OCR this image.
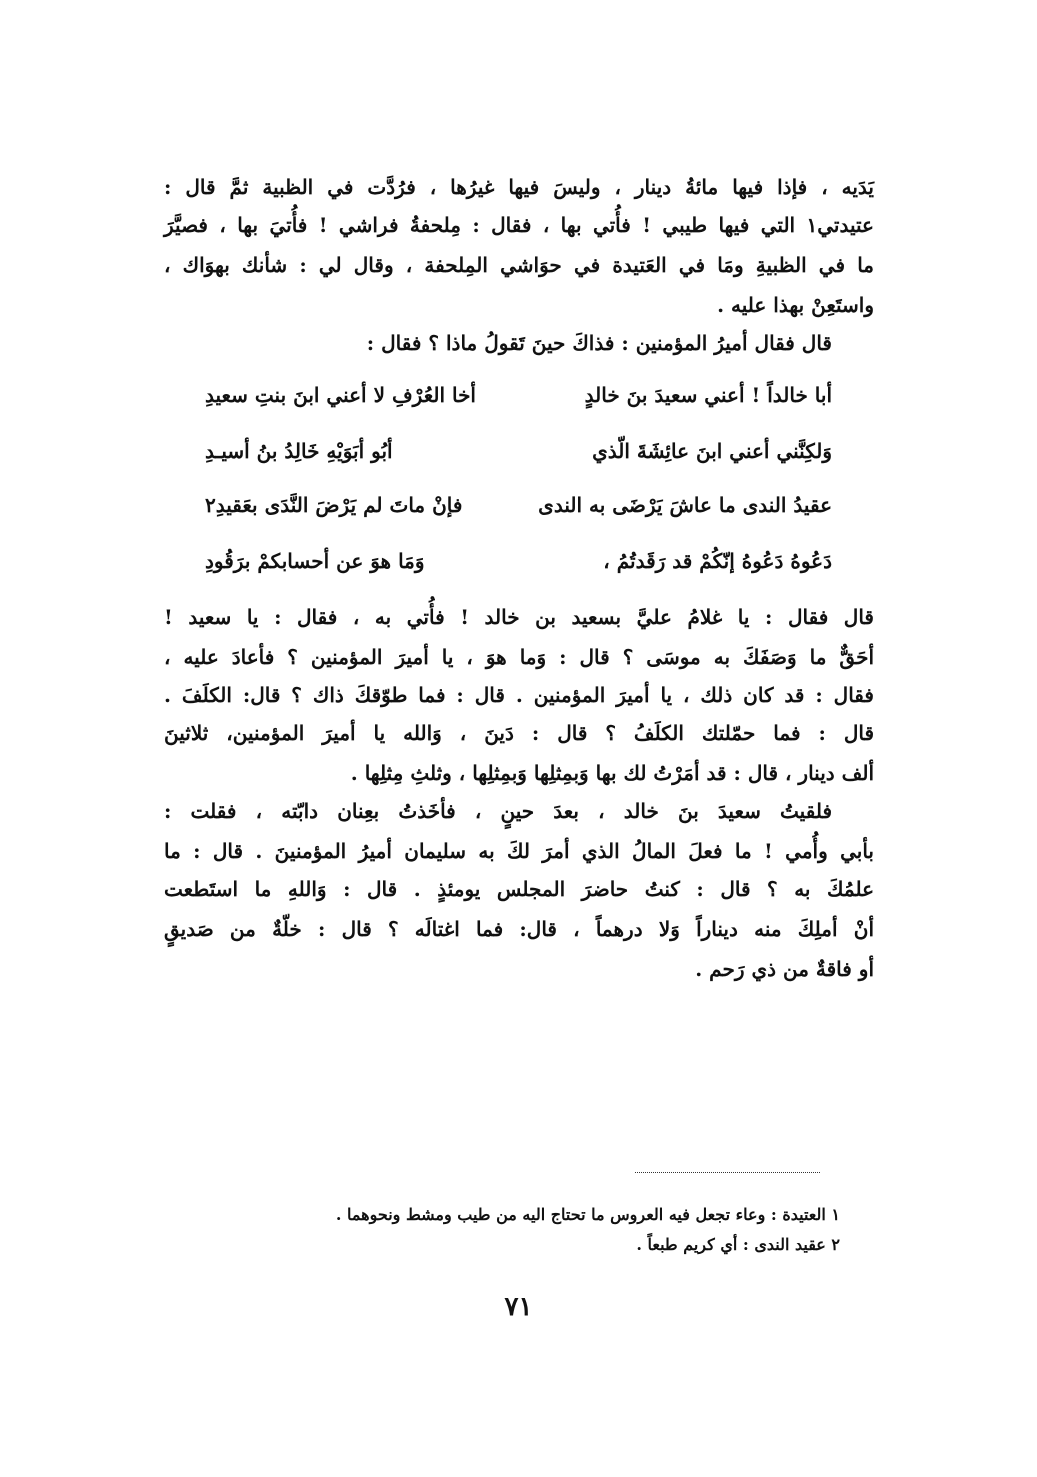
يَدَيه ، فإذا فيها مائةُ دينار ، وليسَ فيها غيرُها ، فرُدَّت في الظبية ثمَّ قال :
عتيدتي١ التي فيها طيبي ! فأُتي بها ، فقال : مِلحفةُ فراشي ! فأُتيَ بها ، فصيَّرَ
ما في الظبيةِ ومَا في العَتيدة في حوَاشي المِلحفة ، وقال لي : شأنك بهوَاك ،
واستَعِنْ بهذا عليه .
قال فقال أميرُ المؤمنين : فذاكَ حينَ تَقولُ ماذا ؟ فقال :
أبا خالداً ! أعني سعيدَ بنَ خالدٍ
أخا العُرْفِ لا أعني ابنَ بنتِ سعيدِ
وَلكِنَّني أعني ابنَ عائِشَةَ الّذي
أبُو أبَوَيْهِ خَالِدُ بنُ أسيـدِ
عقيدُ الندى ما عاشَ يَرْضَى به الندى
فإنْ ماتَ لم يَرْضَ النَّدَى بعَقيدِ٢
دَعُوهُ دَعُوهُ إنّكُمْ قد رَقَدتُمُ ،
وَمَا هوَ عن أحسابكمْ برَقُودِ
قال فقال : يا غلامُ عليَّ بسعيد بن خالد ! فأُتي به ، فقال : يا سعيد !
أحَقٌّ ما وَصَفَكَ به موسَى ؟ قال : وَما هوَ ، يا أميرَ المؤمنين ؟ فأعادَ عليه ،
فقال : قد كان ذلك ، يا أميرَ المؤمنين . قال : فما طوّقكَ ذاك ؟ قال: الكلَفَ .
قال : فما حمّلتك الكلَفُ ؟ قال : دَينَ ، وَالله يا أميرَ المؤمنين، ثلاثينَ
ألف دينار ، قال : قد أمَرْتُ لك بها وَبمِثلِها وَبمِثلِها ، وثلثِ مِثلِها .
فلقيتُ سعيدَ بنَ خالد ، بعدَ حينٍ ، فأخَذتُ بعِنان دابّته ، فقلت :
بأبي وأُمي ! ما فعلَ المالُ الذي أمرَ لكَ به سليمان أميرُ المؤمنينَ . قال : ما
علمُكَ به ؟ قال : كنتُ حاضرَ المجلس يومئذٍ . قال : وَاللهِ ما استَطعت
أنْ أملِكَ منه ديناراً وَلا درهماً ، قال: فما اغتالَه ؟ قال : خلّةٌ من صَديقٍ
أو فاقةٌ من ذي رَحم .
١ العتيدة : وعاء تجعل فيه العروس ما تحتاج اليه من طيب ومشط ونحوهما .
٢ عقيد الندى : أي كريم طبعاً .
٧١
